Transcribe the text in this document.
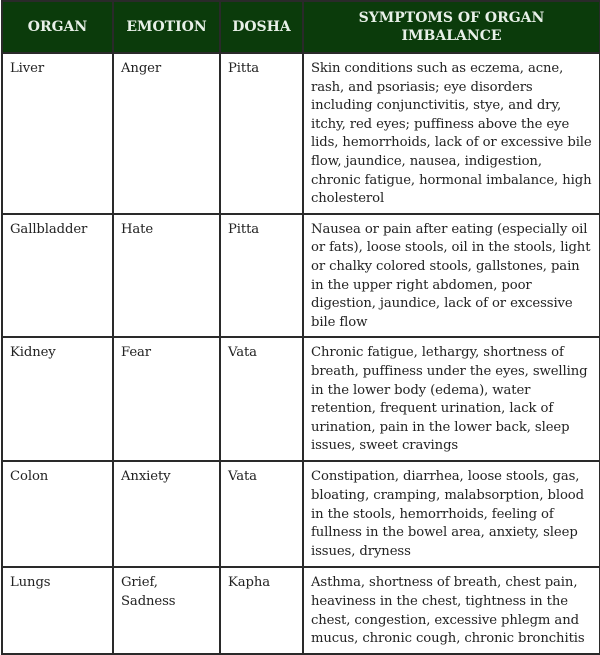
ORGAN	EMOTION	DOSHA	SYMPTOMS OF ORGAN IMBALANCE
Liver	Anger	Pitta	Skin conditions such as eczema, acne, rash, and psoriasis; eye disorders including conjunctivitis, stye, and dry, itchy, red eyes; puffiness above the eye lids, hemorrhoids, lack of or excessive bile flow, jaundice, nausea, indigestion, chronic fatigue, hormonal imbalance, high cholesterol
Gallbladder	Hate	Pitta	Nausea or pain after eating (especially oil or fats), loose stools, oil in the stools, light or chalky colored stools, gallstones, pain in the upper right abdomen, poor digestion, jaundice, lack of or excessive bile flow
Kidney	Fear	Vata	Chronic fatigue, lethargy, shortness of breath, puffiness under the eyes, swelling in the lower body (edema), water retention, frequent urination, lack of urination, pain in the lower back, sleep issues, sweet cravings
Colon	Anxiety	Vata	Constipation, diarrhea, loose stools, gas, bloating, cramping, malabsorption, blood in the stools, hemorrhoids, feeling of fullness in the bowel area, anxiety, sleep issues, dryness
Lungs	Grief, Sadness	Kapha	Asthma, shortness of breath, chest pain, heaviness in the chest, tightness in the chest, congestion, excessive phlegm and mucus, chronic cough, chronic bronchitis
